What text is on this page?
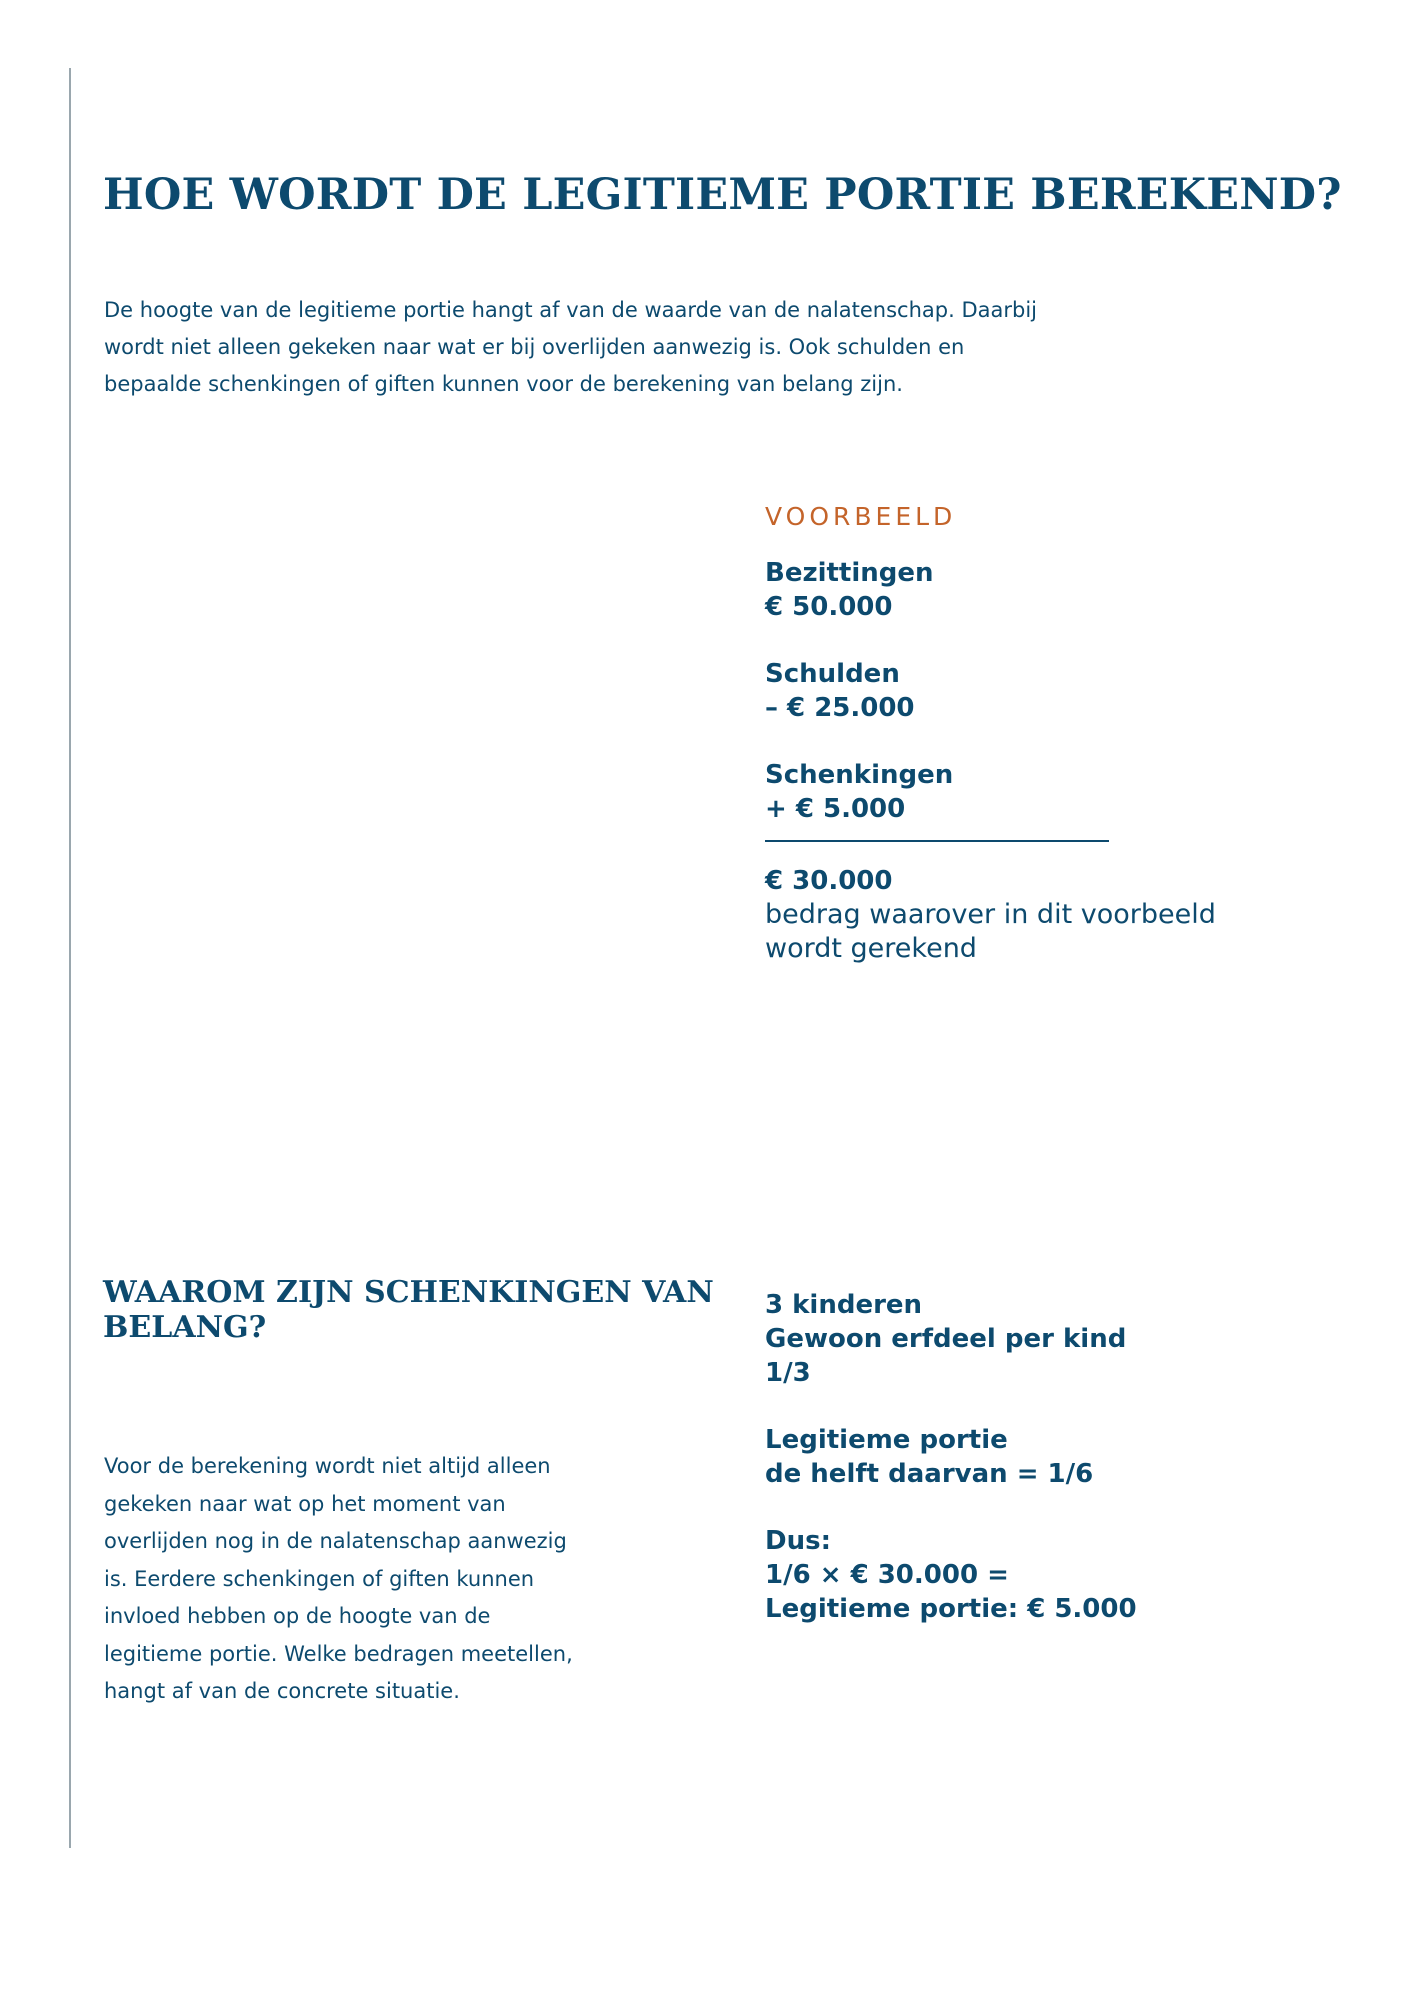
HOE WORDT DE LEGITIEME PORTIE BEREKEND?

De hoogte van de legitieme portie hangt af van de waarde van de nalatenschap. Daarbij
wordt niet alleen gekeken naar wat er bij overlijden aanwezig is. Ook schulden en
bepaalde schenkingen of giften kunnen voor de berekening van belang zijn.

VOORBEELD
Bezittingen
€ 50.000
Schulden
– € 25.000
Schenkingen
+ € 5.000
€ 30.000
bedrag waarover in dit voorbeeld
wordt gerekend
WAAROM ZIJN SCHENKINGEN VAN
BELANG?

Voor de berekening wordt niet altijd alleen
gekeken naar wat op het moment van
overlijden nog in de nalatenschap aanwezig
is. Eerdere schenkingen of giften kunnen
invloed hebben op de hoogte van de
legitieme portie. Welke bedragen meetellen,
hangt af van de concrete situatie.

3 kinderen
Gewoon erfdeel per kind
1/3
Legitieme portie
de helft daarvan = 1/6
Dus:
1/6 × € 30.000 =
Legitieme portie: € 5.000
